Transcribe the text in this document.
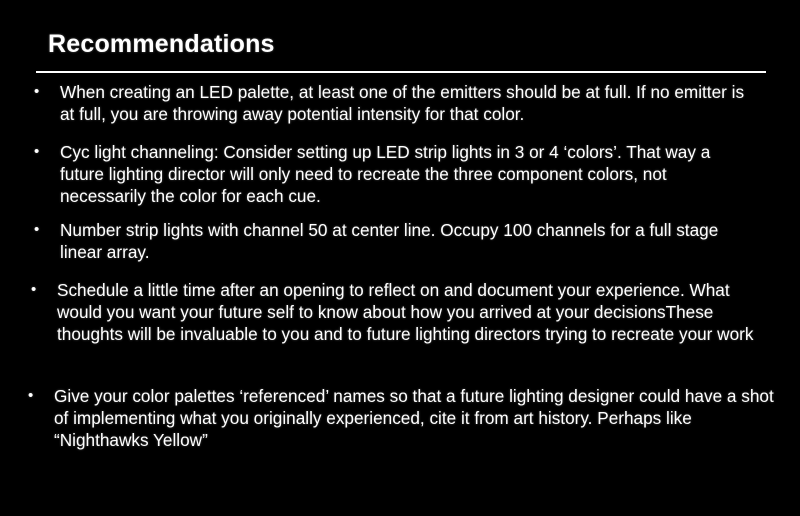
Recommendations
• When creating an LED palette, at least one of the emitters should be at full. If no emitter is at full, you are throwing away potential intensity for that color.
• Cyc light channeling: Consider setting up LED strip lights in 3 or 4 ‘colors’. That way a future lighting director will only need to recreate the three component colors, not necessarily the color for each cue.
• Number strip lights with channel 50 at center line. Occupy 100 channels for a full stage linear array.
• Schedule a little time after an opening to reflect on and document your experience. What would you want your future self to know about how you arrived at your decisionsThese thoughts will be invaluable to you and to future lighting directors trying to recreate your work
• Give your color palettes ‘referenced’ names so that a future lighting designer could have a shot of implementing what you originally experienced, cite it from art history. Perhaps like “Nighthawks Yellow”
